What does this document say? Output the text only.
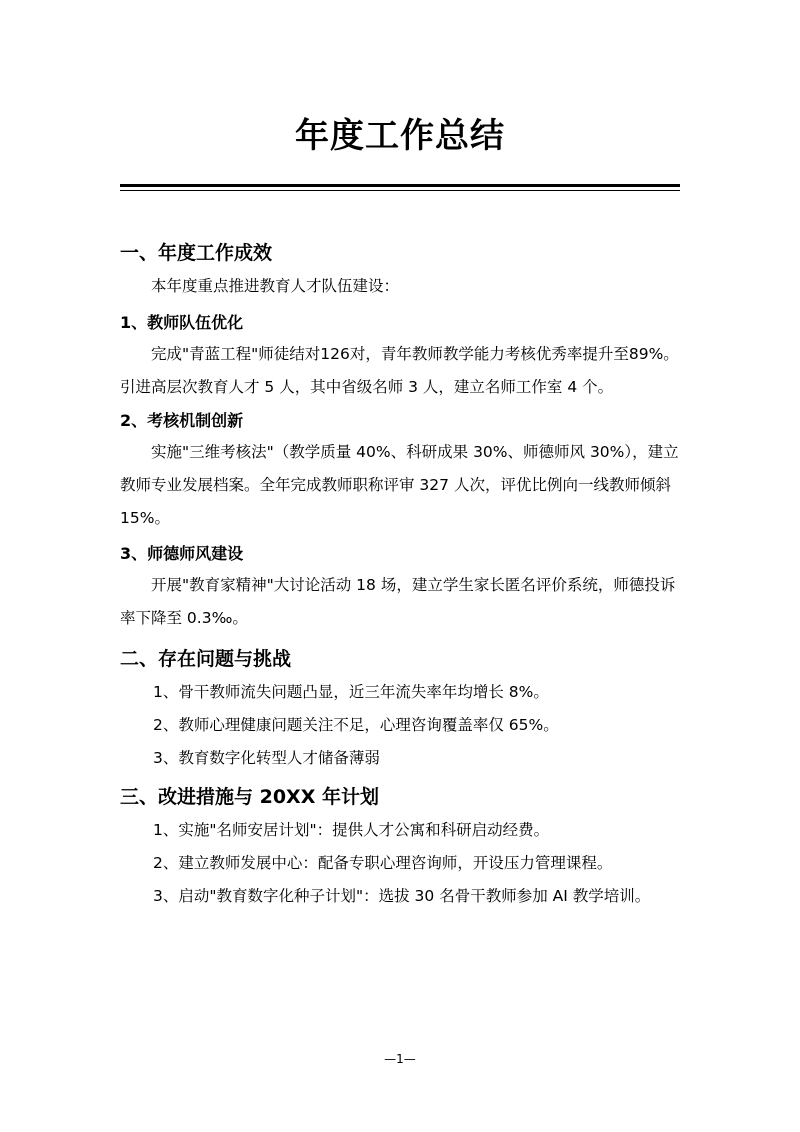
年度工作总结
一、年度工作成效
本年度重点推进教育人才队伍建设：
1、教师队伍优化
完成"青蓝工程"师徒结对126对，青年教师教学能力考核优秀率提升至89%。引进高层次教育人才 5 人，其中省级名师 3 人，建立名师工作室 4 个。
2、考核机制创新
实施"三维考核法"（教学质量 40%、科研成果 30%、师德师风 30%），建立教师专业发展档案。全年完成教师职称评审 327 人次，评优比例向一线教师倾斜 15%。
3、师德师风建设
开展"教育家精神"大讨论活动 18 场，建立学生家长匿名评价系统，师德投诉率下降至 0.3‰。
二、存在问题与挑战
1、骨干教师流失问题凸显，近三年流失率年均增长 8%。
2、教师心理健康问题关注不足，心理咨询覆盖率仅 65%。
3、教育数字化转型人才储备薄弱
三、改进措施与 20XX 年计划
1、实施"名师安居计划"：提供人才公寓和科研启动经费。
2、建立教师发展中心：配备专职心理咨询师，开设压力管理课程。
3、启动"教育数字化种子计划"：选拔 30 名骨干教师参加 AI 教学培训。
—1—
